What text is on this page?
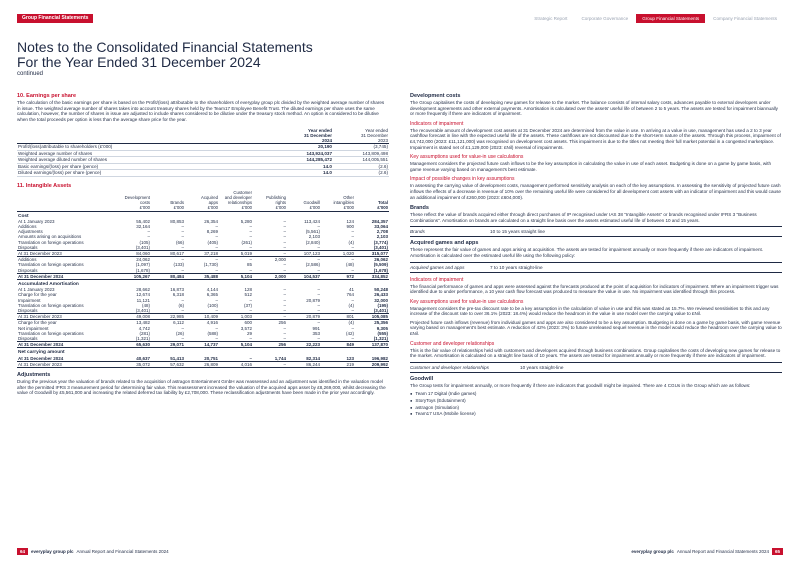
Group Financial Statements	Strategic Report	Corporate Governance	Group Financial Statements	Company Financial Statements
Notes to the Consolidated Financial Statements
For the Year Ended 31 December 2024
continued
10. Earnings per share
The calculation of the basic earnings per share is based on the Profit/(loss) attributable to the shareholders of everyplay group plc divided by the weighted average number of shares in issue. The weighted average number of shares takes into account treasury shares held by the Team17 Employee Benefit Trust. The diluted earnings per share uses the same calculation, however, the number of shares in issue are adjusted to include shares considered to be dilutive under the treasury stock method. An option is considered to be dilutive when the total proceeds per option is less than the average share price for the year.

Year ended
31 December
2024

Year ended
31 December
2023
Profit/(loss)attributable to shareholders (£'000)	20,190	(3,745)
Weighted average number of shares	143,924,037	143,809,498
Weighted average diluted number of shares	144,285,472	144,005,551
Basic earnings/(loss) per share (pence)	14.0	(2.6)
Diluted earnings/(loss) per share (pence)	14.0	(2.6)
11. Intangible Assets

Development
costs
£'000

Brands
£'000

Acquired
apps
£'000

Customer
and developer
relationships
£'000

Publishing
rights
£'000

Goodwill
£'000

Other
intangibles
£'000

Total
£'000
Cost								
At 1 January 2023	55,402	80,853	26,354	5,280	–	113,424	124	284,357
Additions	32,164	–	–	–	–	–	900	33,064
Adjustments	–	–	8,269	–	–	(5,561)	–	2,708
Amounts arising on acquisitions	–	–	–	–	–	2,103	–	2,103
Translation on foreign operations	(105)	(66)	(405)	(261)	–	(2,840)	(4)	(3,774)
Disposals	(3,401)	–	–	–	–	–	–	(3,401)
At 31 December 2023	84,060	80,617	37,218	5,019	–	107,123	1,020	315,077
Additions	24,062	–	–	–	2,000	–	–	26,062
Translation on foreign operations	(1,097)	(133)	(1,730)	85	–	(2,586)	(48)	(5,509)
Disposals	(1,678)	–	–	–	–	–	–	(1,678)
At 31 December 2024	105,267	80,484	35,488	5,104	2,000	104,537	972	334,852
Accumulated Amortisation								
At 1 January 2023	28,662	16,873	4,144	128	–	–	41	50,248
Charge for the year	12,674	6,318	6,365	512	–	–	764	26,433
Impairment	11,121	–	–	–	–	20,879	–	32,000
Translation on foreign operations	(48)	(6)	(100)	(37)	–	–	(4)	(195)
Disposals	(3,401)	–	–	–	–	–	–	(3,401)
At 31 December 2023	49,008	22,985	10,409	1,003	–	20,879	801	105,085
Charge for the year	13,482	6,112	4,916	600	256	–	(4)	25,356
Net impairment	4,742	–	–	3,572	–	991	–	9,305
Translation on foreign operations	(281)	(26)	(588)	29	–	353	(42)	(555)
Disposals	(1,321)	–	–	–	–	–	–	(1,321)
At 31 December 2024	65,630	29,071	14,737	5,104	256	22,223	849	137,870
Net carrying amount								
At 31 December 2024	40,637	51,413	20,751	–	1,744	82,314	123	196,982
At 31 December 2023	35,072	57,632	26,809	4,016	–	86,244	219	209,992
Adjustments
During the previous year the valuation of brands related to the acquisition of astragon Entertainment GmbH was reassessed and an adjustment was identified in the valuation model after the permitted IFRS 3 measurement period for determining fair value. This reassessment increased the valuation of the acquired apps asset by £8,269,000, whilst decreasing the value of Goodwill by £5,561,000 and increasing the related deferred tax liability by £2,708,000. These reclassification adjustments have been made in the prior year accordingly.
Development costs
The Group capitalises the costs of developing new games for release to the market. The balance consists of internal salary costs, advances payable to external developers under development agreements and other external payments. Amortisation is calculated over the assets' useful life of between 2 to 5 years. The assets are tested for impairment biannually or more frequently if there are indicators of impairment.
Indicators of impairment
The recoverable amount of development cost assets at 31 December 2024 are determined from the value in use. In arriving at a value in use, management has used a 2 to 3 year cashflow forecast in line with the expected useful life of the assets. These cashflows are not discounted due to the short-term nature of the assets. Through this process, impairment of £4,742,000 (2023: £11,121,000) was recognised on development cost assets. This impairment is due to the titles not meeting their full market potential in a congested marketplace. Impairment is stated net of £1,129,000 (2023: £Nil) reversal of impairments.
Key assumptions used for value-in use calculations
Management considers the projected future cash inflows to be the key assumption in calculating the value in use of each asset. Budgeting is done on a game by game basis, with game revenue varying based on management's best estimate.
Impact of possible changes in key assumptions
In assessing the carrying value of development costs, management performed sensitivity analysis on each of the key assumptions. In assessing the sensitivity of projected future cash inflows the effects of a decrease in revenue of 10% over the remaining useful life were considered for all development cost assets with an indicator of impairment and this would cause an additional impairment of £260,000 (2023: £604,000).
Brands
These reflect the value of brands acquired either through direct purchases of IP recognised under IAS 38 "Intangible Assets" or brands recognised under IFRS 3 "Business Combinations". Amortisation on brands are calculated on a straight line basis over the assets estimated useful life of between 10 and 15 years.
Brands	10 to 15 years straight line
Acquired games and apps
These represent the fair value of games and apps arising at acquisition. The assets are tested for impairment annually or more frequently if there are indicators of impairment. Amortisation is calculated over the estimated useful life using the following policy:
Acquired games and apps	7 to 10 years straight-line
Indicators of impairment
The financial performance of games and apps were assessed against the forecasts produced at the point of acquisition for indicators of impairment. Where an impairment trigger was identified due to under performance, a 10 year cash flow forecast was produced to measure the value in use. No impairment was identified through this process.
Key assumptions used for value-in use calculations
Management considers the pre-tax discount rate to be a key assumption in the calculation of value in use and this was stated as 15.7%. We reviewed sensitivities to this and any increase of the discount rate to over 36.1% (2023: 18.4%) would reduce the headroom in the value in use model over the carrying value to £Nil.
Projected future cash inflows (revenue) from individual games and apps are also considered to be a key assumption. Budgeting is done on a game by game basis, with game revenue varying based on management's best estimate. A reduction of 42% (2023: 3%) to future unreleased sequel revenue in the model would reduce the headroom over the carrying value to £Nil.
Customer and developer relationships
This is the fair value of relationships held with customers and developers acquired through business combinations. Group capitalises the costs of developing new games for release to the market. Amortisation is calculated on a straight line basis of 10 years. The assets are tested for impairment annually or more frequently if there are indicators of impairment.
Customer and developer relationships	10 years straight-line
Goodwill
The Group tests for impairment annually, or more frequently if there are indicators that goodwill might be impaired. There are 4 CGUs in the Group which are as follows:
● Team 17 Digital (Indie games)
● StoryToys (Edutainment)
● astragon (Simulation)
● Team17 USA (Mobile license)
64	everyplay group plc Annual Report and Financial Statements 2024	everyplay group plc Annual Report and Financial Statements 2024	65
